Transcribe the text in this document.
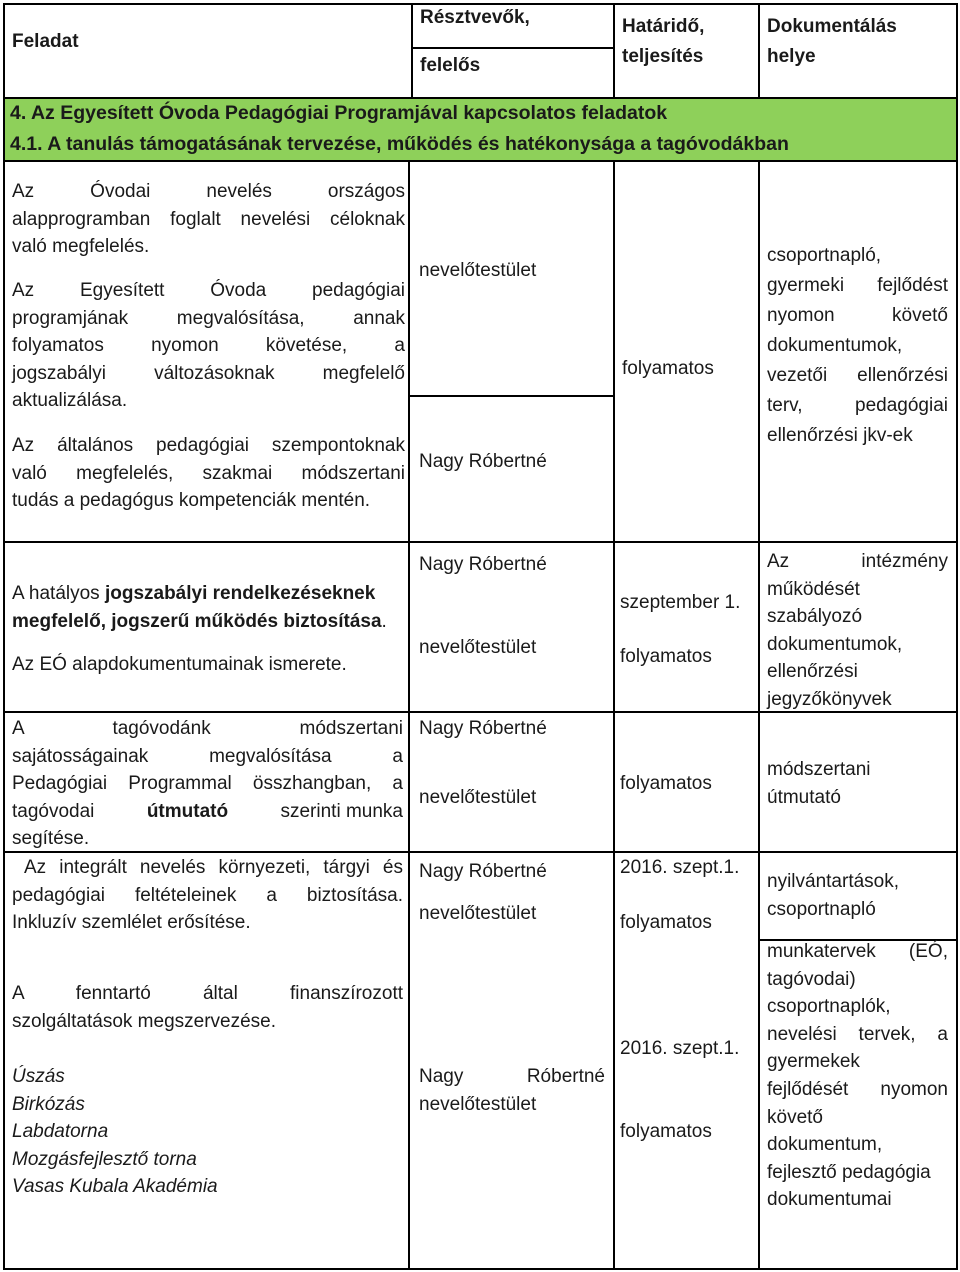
Feladat
Résztvevők,
felelős
Határidő,
teljesítés
Dokumentálás
helye
4. Az Egyesített Óvoda Pedagógiai Programjával kapcsolatos feladatok
4.1. A tanulás támogatásának tervezése, működés és hatékonysága a tagóvodákban
Az Óvodai nevelés országos
alapprogramban foglalt nevelési céloknak
való megfelelés.
Az Egyesített Óvoda pedagógiai
programjának megvalósítása, annak
folyamatos nyomon követése, a
jogszabályi változásoknak megfelelő
aktualizálása.
Az általános pedagógiai szempontoknak
való megfelelés, szakmai módszertani
tudás a pedagógus kompetenciák mentén.
nevelőtestület
Nagy Róbertné
folyamatos
csoportnapló,
gyermeki fejlődést
nyomon követő
dokumentumok,
vezetői ellenőrzési
terv, pedagógiai
ellenőrzési jkv-ek
A hatályos jogszabályi rendelkezéseknek
megfelelő, jogszerű működés biztosítása.
Az EÓ alapdokumentumainak ismerete.
Nagy Róbertné
nevelőtestület
szeptember 1.
folyamatos
Az intézmény
működését
szabályozó
dokumentumok,
ellenőrzési
jegyzőkönyvek
A tagóvodánk módszertani
sajátosságainak megvalósítása a
Pedagógiai Programmal összhangban, a
tagóvodai	útmutató	szerinti munka
segítése.
Nagy Róbertné
nevelőtestület
folyamatos
módszertani
útmutató
Az integrált nevelés környezeti, tárgyi és
pedagógiai feltételeinek a biztosítása.
Inkluzív szemlélet erősítése.
Nagy Róbertné
nevelőtestület
2016. szept.1.
folyamatos
nyilvántartások,
csoportnapló
A fenntartó által finanszírozott
szolgáltatások megszervezése.
Úszás
Birkózás
Labdatorna
Mozgásfejlesztő torna
Vasas Kubala Akadémia
Nagy Róbertné
nevelőtestület
2016. szept.1.
folyamatos
munkatervek (EÓ,
tagóvodai)
csoportnaplók,
nevelési tervek, a
gyermekek
fejlődését nyomon
követő
dokumentum,
fejlesztő pedagógia
dokumentumai
